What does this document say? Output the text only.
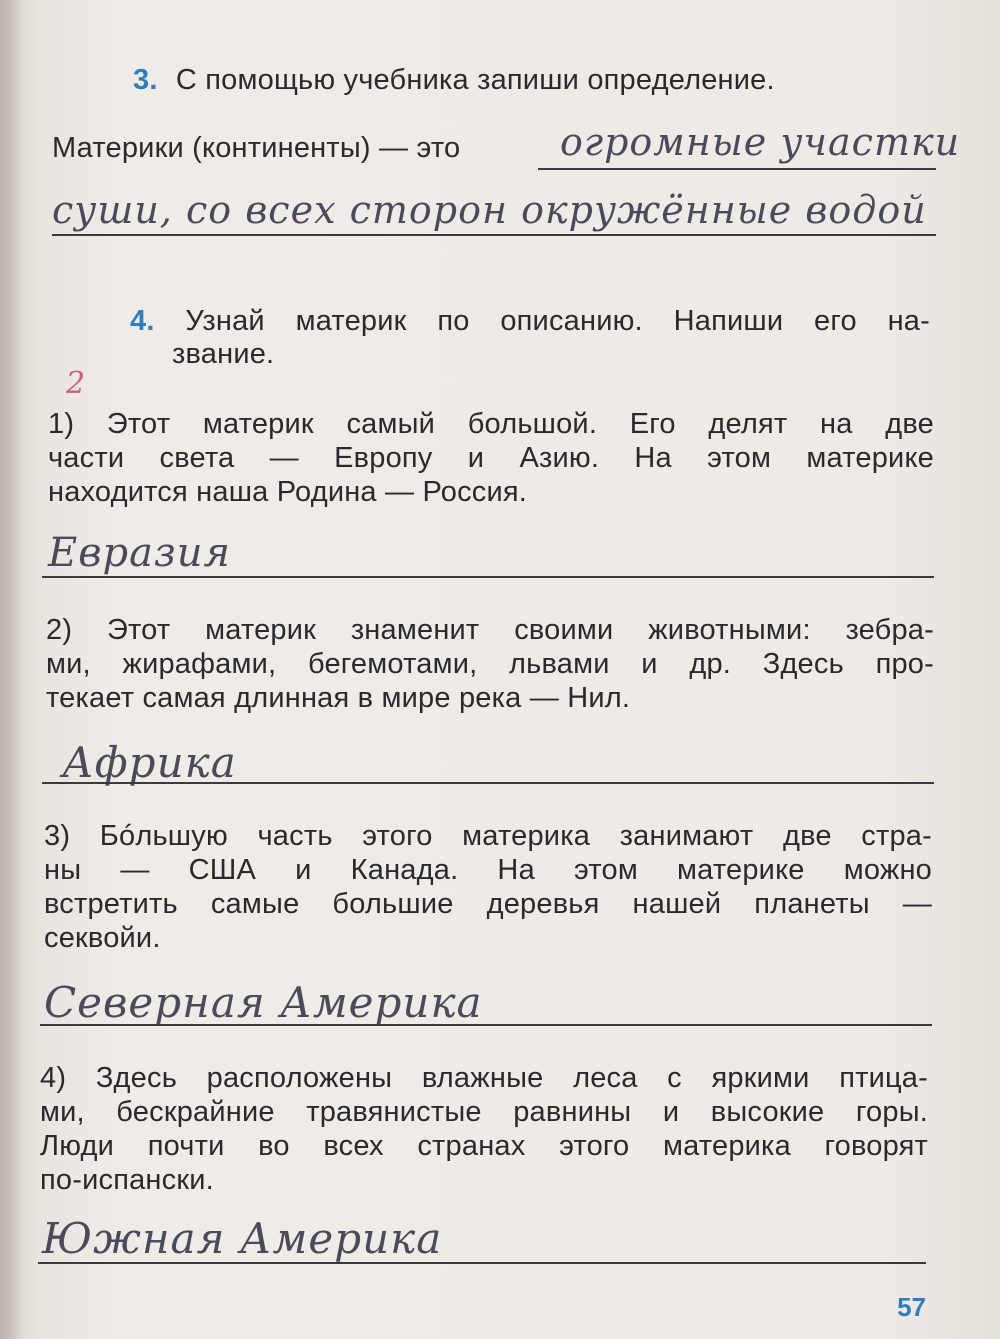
3. С помощью учебника запиши определение.
Материки (континенты) — это	огромные участки
суши, со всех сторон окружённые водой
4. Узнай материк по описанию. Напиши его на-
звание.
2
1) Этот материк самый большой. Его делят на две
части света — Европу и Азию. На этом материке
находится наша Родина — Россия.
Евразия
2) Этот материк знаменит своими животными: зебра-
ми, жирафами, бегемотами, львами и др. Здесь про-
текает самая длинная в мире река — Нил.
Африка
3) Бóльшую часть этого материка занимают две стра-
ны — США и Канада. На этом материке можно
встретить самые большие деревья нашей планеты —
секвойи.
Северная Америка
4) Здесь расположены влажные леса с яркими птица-
ми, бескрайние травянистые равнины и высокие горы.
Люди почти во всех странах этого материка говорят
по-испански.
Южная Америка
57
